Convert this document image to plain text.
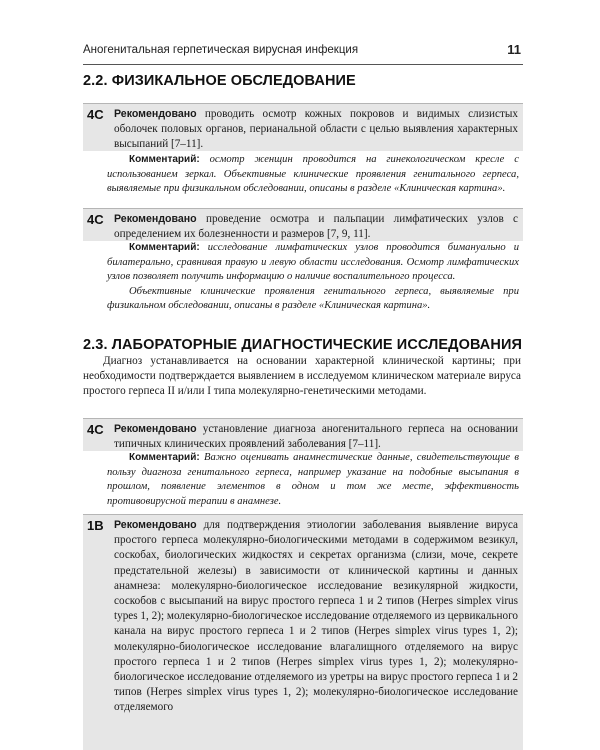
Аногенитальная герпетическая вирусная инфекция	11
2.2. ФИЗИКАЛЬНОЕ ОБСЛЕДОВАНИЕ
4С Рекомендовано проводить осмотр кожных покровов и видимых слизистых оболочек половых органов, перианальной области с целью выявления характерных высыпаний [7–11].

Комментарий: осмотр женщин проводится на гинекологическом кресле с использованием зеркал. Объективные клинические проявления генитального герпеса, выявляемые при физикальном обследовании, описаны в разделе «Клиническая картина».

4С Рекомендовано проведение осмотра и пальпации лимфатических узлов с определением их болезненности и размеров [7, 9, 11].

Комментарий: исследование лимфатических узлов проводится бимануально и билатерально, сравнивая правую и левую области исследования. Осмотр лимфатических узлов позволяет получить информацию о наличие воспалительного процесса.

Объективные клинические проявления генитального герпеса, выявляемые при физикальном обследовании, описаны в разделе «Клиническая картина».

2.3. ЛАБОРАТОРНЫЕ ДИАГНОСТИЧЕСКИЕ ИССЛЕДОВАНИЯ

Диагноз устанавливается на основании характерной клинической картины; при необходимости подтверждается выявлением в исследуемом клиническом материале вируса простого герпеса II и/или I типа молекулярно-генетическими методами.

4С Рекомендовано установление диагноза аногенитального герпеса на основании типичных клинических проявлений заболевания [7–11].

Комментарий: Важно оценивать анамнестические данные, свидетельствующие в пользу диагноза генитального герпеса, например указание на подобные высыпания в прошлом, появление элементов в одном и том же месте, эффективность противовирусной терапии в анамнезе.

1В Рекомендовано для подтверждения этиологии заболевания выявление вируса простого герпеса молекулярно-биологическими методами в содержимом везикул, соскобах, биологических жидкостях и секретах организма (слизи, моче, секрете предстательной железы) в зависимости от клинической картины и данных анамнеза: молекулярно-биологическое исследование везикулярной жидкости, соскобов с высыпаний на вирус простого герпеса 1 и 2 типов (Herpes simplex virus types 1, 2); молекулярно-биологическое исследование отделяемого из цервикального канала на вирус простого герпеса 1 и 2 типов (Herpes simplex virus types 1, 2); молекулярно-биологическое исследование влагалищного отделяемого на вирус простого герпеса 1 и 2 типов (Herpes simplex virus types 1, 2); молекулярно-биологическое исследование отделяемого из уретры на вирус простого герпеса 1 и 2 типов (Herpes simplex virus types 1, 2); молекулярно-биологическое исследование отделяемого
